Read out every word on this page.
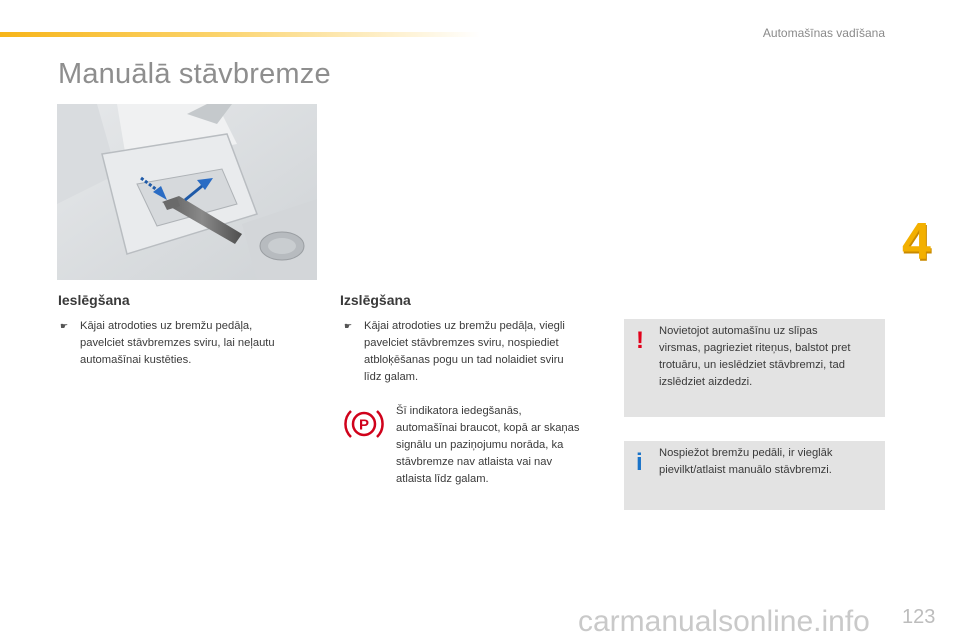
Automašīnas vadīšana
Manuālā stāvbremze
4
Ieslēgšana
☛ Kājai atrodoties uz bremžu pedāļa,
pavelciet stāvbremzes sviru, lai neļautu
automašīnai kustēties.
Izslēgšana
☛ Kājai atrodoties uz bremžu pedāļa, viegli
pavelciet stāvbremzes sviru, nospiediet
atbloķēšanas pogu un tad nolaidiet sviru
līdz galam.
P
Šī indikatora iedegšanās,
automašīnai braucot, kopā ar skaņas
signālu un paziņojumu norāda, ka
stāvbremze nav atlaista vai nav
atlaista līdz galam.
! Novietojot automašīnu uz slīpas
virsmas, pagrieziet riteņus, balstot pret
trotuāru, un ieslēdziet stāvbremzi, tad
izslēdziet aizdedzi.
i Nospiežot bremžu pedāli, ir vieglāk
pievilkt/atlaist manuālo stāvbremzi.
carmanualsonline.info 123
